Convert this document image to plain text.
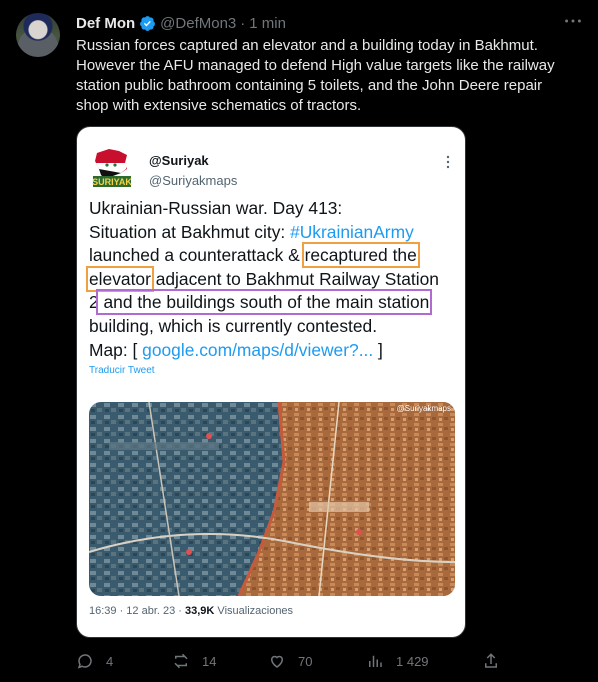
Def Mon @DefMon3 · 1 min

Russian forces captured an elevator and a building today in Bakhmut.

However the AFU managed to defend High value targets like the railway

station public bathroom containing 5 toilets, and the John Deere repair

shop with extensive schematics of tractors.

SURIYAK
@Suriyak
@Suriyakmaps
Ukrainian-Russian war. Day 413:
Situation at Bakhmut city: #UkrainianArmy
launched a counterattack & recaptured the
elevator adjacent to Bakhmut Railway Station
2 and the buildings south of the main station
building, which is currently contested.
Map: [ google.com/maps/d/viewer?... ]
Traducir Tweet
@Suriyakmaps
16:39 · 12 abr. 23 · 33,9K Visualizaciones
4	14	70	1 429
